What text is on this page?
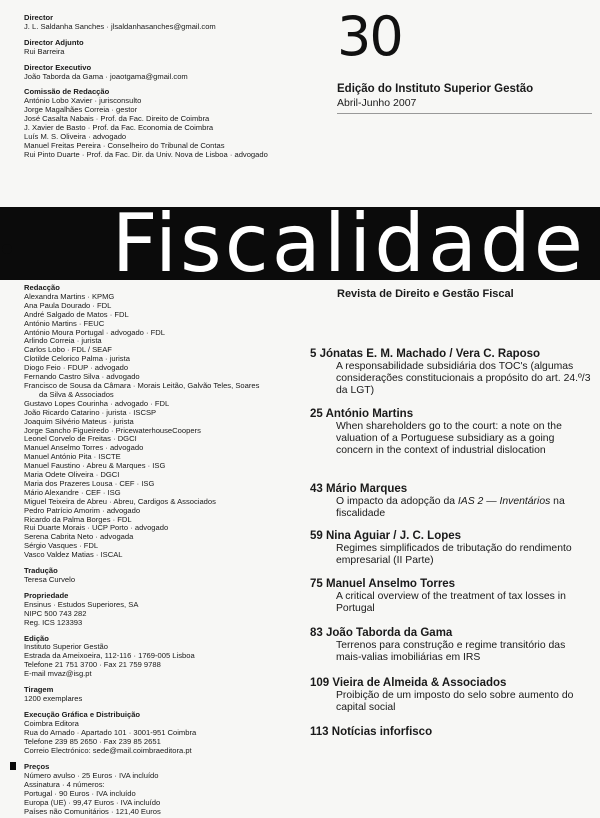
Director
J. L. Saldanha Sanches · jlsaldanhasanches@gmail.com
Director Adjunto
Rui Barreira
Director Executivo
João Taborda da Gama · joaotgama@gmail.com
Comissão de Redacção
António Lobo Xavier · jurisconsulto
Jorge Magalhães Correia · gestor
José Casalta Nabais · Prof. da Fac. Direito de Coimbra
J. Xavier de Basto · Prof. da Fac. Economia de Coimbra
Luís M. S. Oliveira · advogado
Manuel Freitas Pereira · Conselheiro do Tribunal de Contas
Rui Pinto Duarte · Prof. da Fac. Dir. da Univ. Nova de Lisboa · advogado
30
Edição do Instituto Superior Gestão
Abril-Junho 2007
Fiscalidade
Revista de Direito e Gestão Fiscal
Redacção
Alexandra Martins · KPMG
Ana Paula Dourado · FDL
André Salgado de Matos · FDL
António Martins · FEUC
António Moura Portugal · advogado · FDL
Arlindo Correia · jurista
Carlos Lobo · FDL / SEAF
Clotilde Celorico Palma · jurista
Diogo Feio · FDUP · advogado
Fernando Castro Silva · advogado
Francisco de Sousa da Câmara · Morais Leitão, Galvão Teles, Soares
da Silva & Associados
Gustavo Lopes Courinha · advogado · FDL
João Ricardo Catarino · jurista · ISCSP
Joaquim Silvério Mateus · jurista
Jorge Sancho Figueiredo · PricewaterhouseCoopers
Leonel Corvelo de Freitas · DGCI
Manuel Anselmo Torres · advogado
Manuel António Pita · ISCTE
Manuel Faustino · Abreu & Marques · ISG
Maria Odete Oliveira · DGCI
Maria dos Prazeres Lousa · CEF · ISG
Mário Alexandre · CEF · ISG
Miguel Teixeira de Abreu · Abreu, Cardigos & Associados
Pedro Patrício Amorim · advogado
Ricardo da Palma Borges · FDL
Rui Duarte Morais · UCP Porto · advogado
Serena Cabrita Neto · advogada
Sérgio Vasques · FDL
Vasco Valdez Matias · ISCAL
Tradução
Teresa Curvelo
Propriedade
Ensinus · Estudos Superiores, SA
NIPC 500 743 282
Reg. ICS 123393
Edição
Instituto Superior Gestão
Estrada da Ameixoeira, 112-116 · 1769-005 Lisboa
Telefone 21 751 3700 · Fax 21 759 9788
E-mail mvaz@isg.pt
Tiragem
1200 exemplares
Execução Gráfica e Distribuição
Coimbra Editora
Rua do Arnado · Apartado 101 · 3001-951 Coimbra
Telefone 239 85 2650 · Fax 239 85 2651
Correio Electrónico: sede@mail.coimbraeditora.pt
Preços
Número avulso · 25 Euros · IVA incluído
Assinatura · 4 números:
Portugal · 90 Euros · IVA incluído
Europa (UE) · 99,47 Euros · IVA incluído
Países não Comunitários · 121,40 Euros
5 Jónatas E. M. Machado / Vera C. Raposo
A responsabilidade subsidiária dos TOC's (algumas considerações constitucionais a propósito do art. 24.º/3 da LGT)
25 António Martins
When shareholders go to the court: a note on the valuation of a Portuguese subsidiary as a going concern in the context of industrial dislocation
43 Mário Marques
O impacto da adopção da IAS 2 — Inventários na fiscalidade
59 Nina Aguiar / J. C. Lopes
Regimes simplificados de tributação do rendimento empresarial (II Parte)
75 Manuel Anselmo Torres
A critical overview of the treatment of tax losses in Portugal
83 João Taborda da Gama
Terrenos para construção e regime transitório das mais-valias imobiliárias em IRS
109 Vieira de Almeida & Associados
Proibição de um imposto do selo sobre aumento do capital social
113 Notícias inforfisco
